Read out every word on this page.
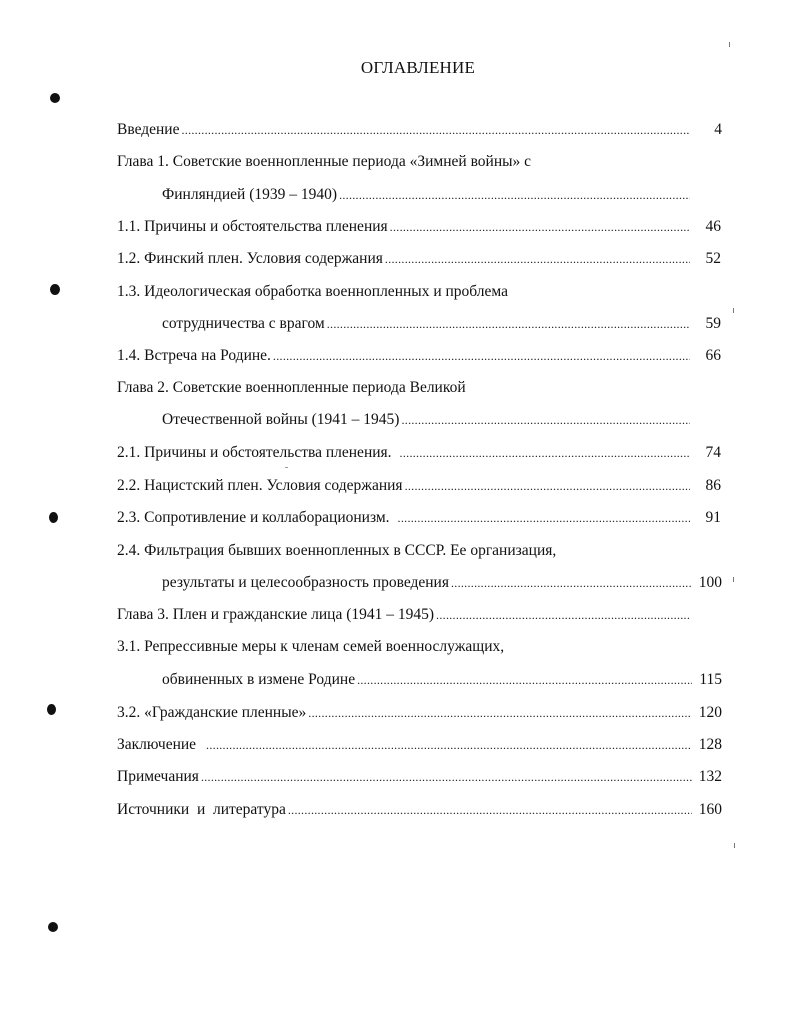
ОГЛАВЛЕНИЕ
Введение .....	4
Глава 1. Советские военнопленные периода «Зимней войны» с
Финляндией (1939 – 1940)
.....
1.1. Причины и обстоятельства пленения .....	46
1.2. Финский плен. Условия содержания .....	52
1.3. Идеологическая обработка военнопленных и проблема
сотрудничества с врагом .....	59
1.4. Встреча на Родине. .....	66
Глава 2. Советские военнопленные периода Великой
Отечественной войны (1941 – 1945)
.....
2.1. Причины и обстоятельства пленения. .....	74
2.2. Нацистский плен. Условия содержания .....	86
2.3. Сопротивление и коллаборационизм. .....	91
2.4. Фильтрация бывших военнопленных в СССР. Ее организация,
результаты и целесообразность проведения .....	100
Глава 3. Плен и гражданские лица (1941 – 1945)
.....
3.1. Репрессивные меры к членам семей военнослужащих,
обвиненных в измене Родине .....	115
3.2. «Гражданские пленные» .....	120
Заключение .....	128
Примечания .....	132
Источники  и  литература .....	160
